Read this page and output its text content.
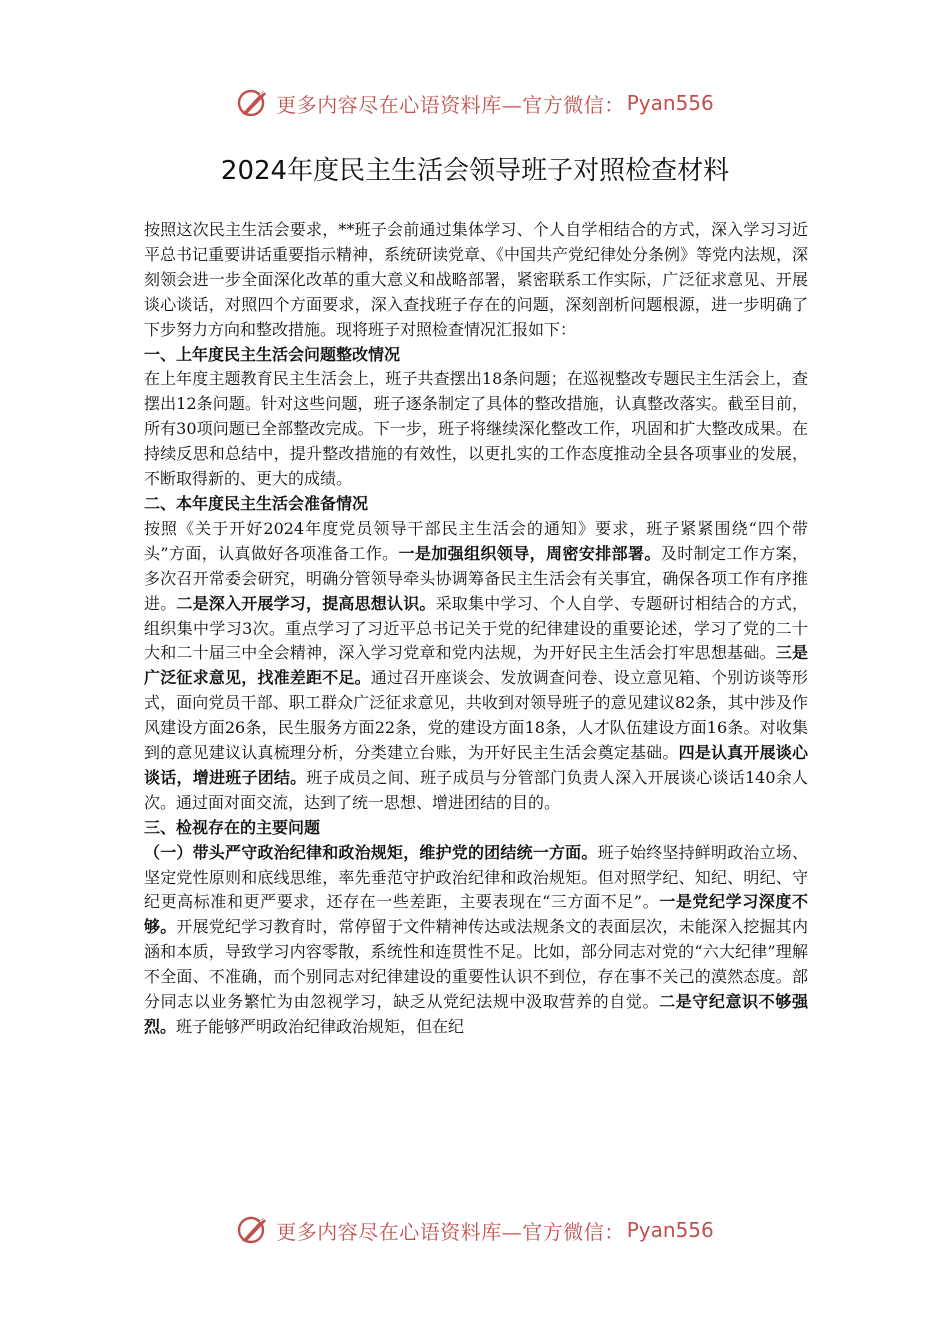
更多内容尽在心语资料库—官方微信： Pyan556
2024年度民主生活会领导班子对照检查材料

按照这次民主生活会要求，**班子会前通过集体学习、个人自学相结合的方式，深入学习习近平总书记重要讲话重要指示精神，系统研读党章、《中国共产党纪律处分条例》等党内法规，深刻领会进一步全面深化改革的重大意义和战略部署，紧密联系工作实际，广泛征求意见、开展谈心谈话，对照四个方面要求，深入查找班子存在的问题，深刻剖析问题根源，进一步明确了下步努力方向和整改措施。现将班子对照检查情况汇报如下：

一、上年度民主生活会问题整改情况

在上年度主题教育民主生活会上，班子共查摆出18条问题；在巡视整改专题民主生活会上，查摆出12条问题。针对这些问题，班子逐条制定了具体的整改措施，认真整改落实。截至目前，所有30项问题已全部整改完成。下一步，班子将继续深化整改工作，巩固和扩大整改成果。在持续反思和总结中，提升整改措施的有效性，以更扎实的工作态度推动全县各项事业的发展，不断取得新的、更大的成绩。

二、本年度民主生活会准备情况

按照《关于开好2024年度党员领导干部民主生活会的通知》要求，班子紧紧围绕“四个带头”方面，认真做好各项准备工作。一是加强组织领导，周密安排部署。及时制定工作方案，多次召开常委会研究，明确分管领导牵头协调筹备民主生活会有关事宜，确保各项工作有序推进。二是深入开展学习，提高思想认识。采取集中学习、个人自学、专题研讨相结合的方式，组织集中学习3次。重点学习了习近平总书记关于党的纪律建设的重要论述，学习了党的二十大和二十届三中全会精神，深入学习党章和党内法规，为开好民主生活会打牢思想基础。三是广泛征求意见，找准差距不足。通过召开座谈会、发放调查问卷、设立意见箱、个别访谈等形式，面向党员干部、职工群众广泛征求意见，共收到对领导班子的意见建议82条，其中涉及作风建设方面26条，民生服务方面22条，党的建设方面18条，人才队伍建设方面16条。对收集到的意见建议认真梳理分析，分类建立台账，为开好民主生活会奠定基础。四是认真开展谈心谈话，增进班子团结。班子成员之间、班子成员与分管部门负责人深入开展谈心谈话140余人次。通过面对面交流，达到了统一思想、增进团结的目的。

三、检视存在的主要问题

（一）带头严守政治纪律和政治规矩，维护党的团结统一方面。班子始终坚持鲜明政治立场、坚定党性原则和底线思维，率先垂范守护政治纪律和政治规矩。但对照学纪、知纪、明纪、守纪更高标准和更严要求，还存在一些差距，主要表现在“三方面不足”。一是党纪学习深度不够。开展党纪学习教育时，常停留于文件精神传达或法规条文的表面层次，未能深入挖掘其内涵和本质，导致学习内容零散，系统性和连贯性不足。比如，部分同志对党的“六大纪律”理解不全面、不准确，而个别同志对纪律建设的重要性认识不到位，存在事不关己的漠然态度。部分同志以业务繁忙为由忽视学习，缺乏从党纪法规中汲取营养的自觉。二是守纪意识不够强烈。班子能够严明政治纪律政治规矩，但在纪

更多内容尽在心语资料库—官方微信： Pyan556
